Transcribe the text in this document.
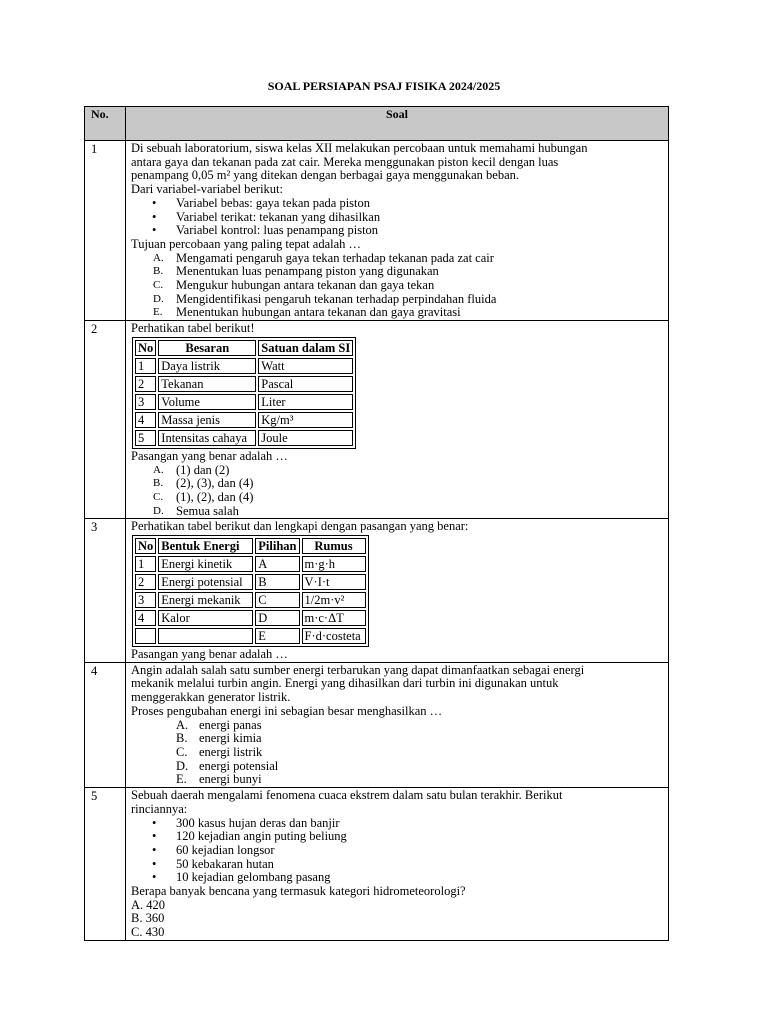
SOAL PERSIAPAN PSAJ FISIKA 2024/2025
No.	Soal
1	Di sebuah laboratorium, siswa kelas XII melakukan percobaan untuk memahami hubungan
antara gaya dan tekanan pada zat cair. Mereka menggunakan piston kecil dengan luas
penampang 0,05 m² yang ditekan dengan berbagai gaya menggunakan beban.
Dari variabel-variabel berikut:
• Variabel bebas: gaya tekan pada piston
• Variabel terikat: tekanan yang dihasilkan
• Variabel kontrol: luas penampang piston
Tujuan percobaan yang paling tepat adalah …
A. Mengamati pengaruh gaya tekan terhadap tekanan pada zat cair
B. Menentukan luas penampang piston yang digunakan
C. Mengukur hubungan antara tekanan dan gaya tekan
D. Mengidentifikasi pengaruh tekanan terhadap perpindahan fluida
E. Menentukan hubungan antara tekanan dan gaya gravitasi

2	Perhatikan tabel berikut!
No	Besaran	Satuan dalam SI
1	Daya listrik	Watt
2	Tekanan	Pascal
3	Volume	Liter
4	Massa jenis	Kg/m³
5	Intensitas cahaya	Joule
Pasangan yang benar adalah …
A. (1) dan (2)
B. (2), (3), dan (4)
C. (1), (2), dan (4)
D. Semua salah

3	Perhatikan tabel berikut dan lengkapi dengan pasangan yang benar:
No	Bentuk Energi	Pilihan	Rumus
1	Energi kinetik	A	m·g·h
2	Energi potensial	B	V·I·t
3	Energi mekanik	C	1/2m·v²
4	Kalor	D	m·c·ΔT
		E	F·d·costeta
Pasangan yang benar adalah …

4	Angin adalah salah satu sumber energi terbarukan yang dapat dimanfaatkan sebagai energi
mekanik melalui turbin angin. Energi yang dihasilkan dari turbin ini digunakan untuk
menggerakkan generator listrik.
Proses pengubahan energi ini sebagian besar menghasilkan …
A. energi panas
B. energi kimia
C. energi listrik
D. energi potensial
E. energi bunyi

5	Sebuah daerah mengalami fenomena cuaca ekstrem dalam satu bulan terakhir. Berikut
rinciannya:
• 300 kasus hujan deras dan banjir
• 120 kejadian angin puting beliung
• 60 kejadian longsor
• 50 kebakaran hutan
• 10 kejadian gelombang pasang
Berapa banyak bencana yang termasuk kategori hidrometeorologi?
A. 420
B. 360
C. 430
